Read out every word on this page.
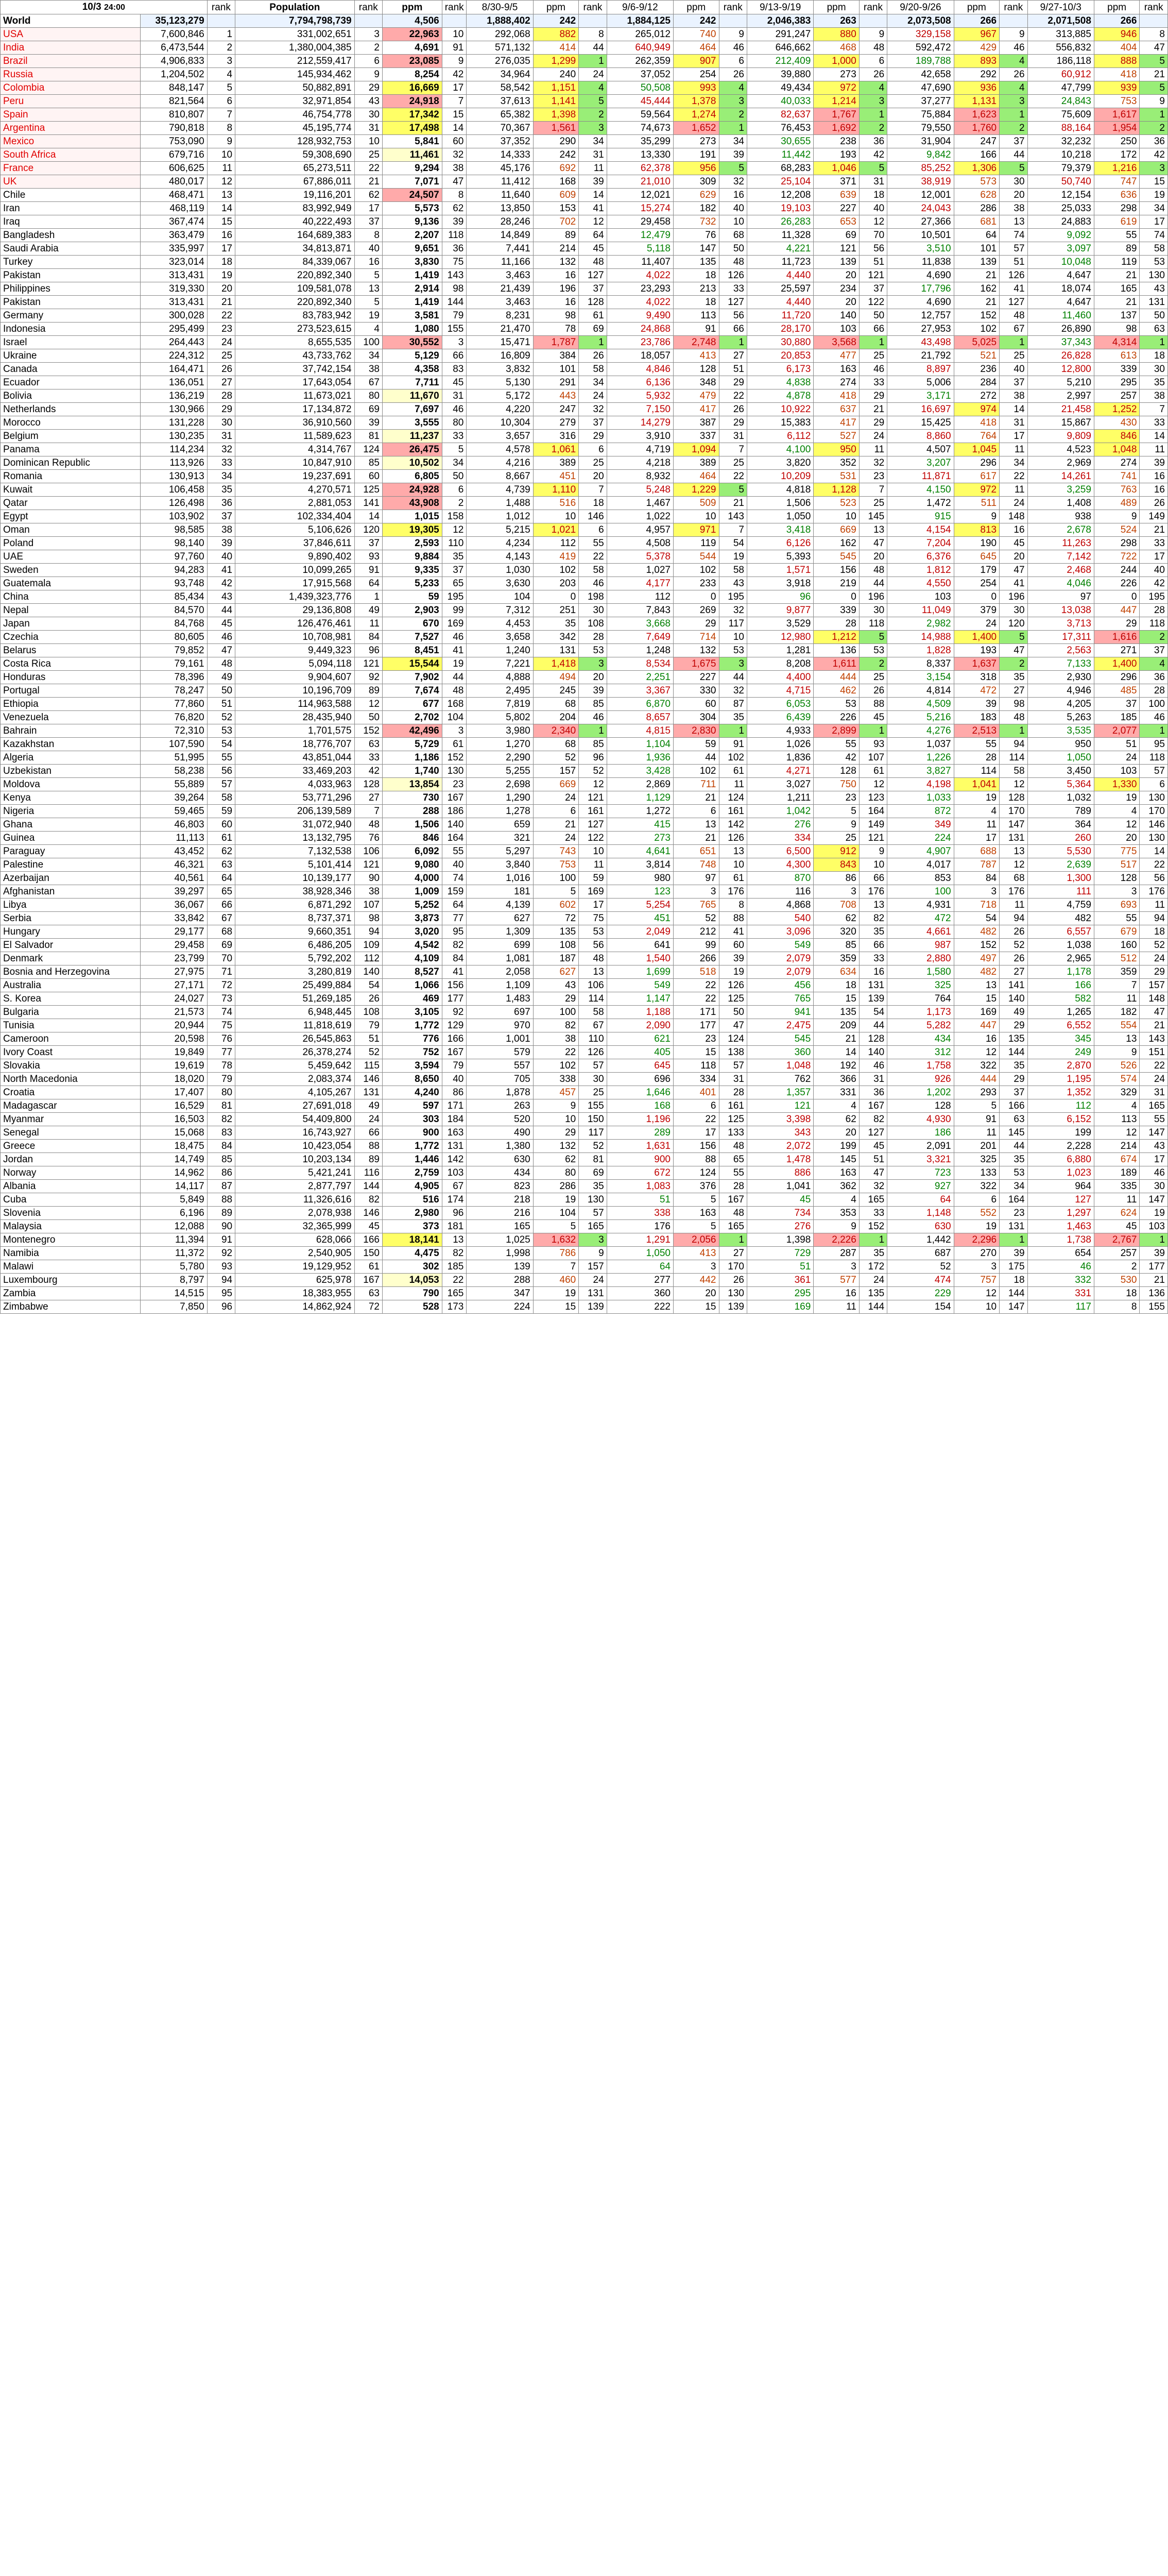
10/3 24:00		rank	Population	rank	ppm	rank	8/30-9/5	ppm	rank	9/6-9/12	ppm	rank	9/13-9/19	ppm	rank	9/20-9/26	ppm	rank	9/27-10/3	ppm	rank
World	35,123,279		7,794,798,739		4,506		1,888,402	242		1,884,125	242		2,046,383	263		2,073,508	266		2,071,508	266	
USA	7,600,846	1	331,002,651	3	22,963	10	292,068	882	8	265,012	740	9	291,247	880	9	329,158	967	9	313,885	946	8
India	6,473,544	2	1,380,004,385	2	4,691	91	571,132	414	44	640,949	464	46	646,662	468	48	592,472	429	46	556,832	404	47
Brazil	4,906,833	3	212,559,417	6	23,085	9	276,035	1,299	1	262,359	907	6	212,409	1,000	6	189,788	893	4	186,118	888	5
Russia	1,204,502	4	145,934,462	9	8,254	42	34,964	240	24	37,052	254	26	39,880	273	26	42,658	292	26	60,912	418	21
Colombia	848,147	5	50,882,891	29	16,669	17	58,542	1,151	4	50,508	993	4	49,434	972	4	47,690	936	4	47,799	939	5
Peru	821,564	6	32,971,854	43	24,918	7	37,613	1,141	5	45,444	1,378	3	40,033	1,214	3	37,277	1,131	3	24,843	753	9
Spain	810,807	7	46,754,778	30	17,342	15	65,382	1,398	2	59,564	1,274	2	82,637	1,767	1	75,884	1,623	1	75,609	1,617	1
Argentina	790,818	8	45,195,774	31	17,498	14	70,367	1,561	3	74,673	1,652	1	76,453	1,692	2	79,550	1,760	2	88,164	1,954	2
Mexico	753,090	9	128,932,753	10	5,841	60	37,352	290	34	35,299	273	34	30,655	238	36	31,904	247	37	32,232	250	36
South Africa	679,716	10	59,308,690	25	11,461	32	14,333	242	31	13,330	191	39	11,442	193	42	9,842	166	44	10,218	172	42
France	606,625	11	65,273,511	22	9,294	38	45,176	692	11	62,378	956	5	68,283	1,046	5	85,252	1,306	5	79,379	1,216	3
UK	480,017	12	67,886,011	21	7,071	47	11,412	168	39	21,010	309	32	25,104	371	31	38,919	573	30	50,740	747	15
Chile	468,471	13	19,116,201	62	24,507	8	11,640	609	14	12,021	629	16	12,208	639	18	12,001	628	20	12,154	636	19
Iran	468,119	14	83,992,949	17	5,573	62	13,850	153	41	15,274	182	40	19,103	227	40	24,043	286	38	25,033	298	34
Iraq	367,474	15	40,222,493	37	9,136	39	28,246	702	12	29,458	732	10	26,283	653	12	27,366	681	13	24,883	619	17
Bangladesh	363,479	16	164,689,383	8	2,207	118	14,849	89	64	12,479	76	68	11,328	69	70	10,501	64	74	9,092	55	74
Saudi Arabia	335,997	17	34,813,871	40	9,651	36	7,441	214	45	5,118	147	50	4,221	121	56	3,510	101	57	3,097	89	58
Turkey	323,014	18	84,339,067	16	3,830	75	11,166	132	48	11,407	135	48	11,723	139	51	11,838	139	51	10,048	119	53
Pakistan	313,431	19	220,892,340	5	1,419	143	3,463	16	127	4,022	18	126	4,440	20	121	4,690	21	126	4,647	21	130
Philippines	319,330	20	109,581,078	13	2,914	98	21,439	196	37	23,293	213	33	25,597	234	37	17,796	162	41	18,074	165	43
Pakistan	313,431	21	220,892,340	5	1,419	144	3,463	16	128	4,022	18	127	4,440	20	122	4,690	21	127	4,647	21	131
Germany	300,028	22	83,783,942	19	3,581	79	8,231	98	61	9,490	113	56	11,720	140	50	12,757	152	48	11,460	137	50
Indonesia	295,499	23	273,523,615	4	1,080	155	21,470	78	69	24,868	91	66	28,170	103	66	27,953	102	67	26,890	98	63
Israel	264,443	24	8,655,535	100	30,552	3	15,471	1,787	1	23,786	2,748	1	30,880	3,568	1	43,498	5,025	1	37,343	4,314	1
Ukraine	224,312	25	43,733,762	34	5,129	66	16,809	384	26	18,057	413	27	20,853	477	25	21,792	521	25	26,828	613	18
Canada	164,471	26	37,742,154	38	4,358	83	3,832	101	58	4,846	128	51	6,173	163	46	8,897	236	40	12,800	339	30
Ecuador	136,051	27	17,643,054	67	7,711	45	5,130	291	34	6,136	348	29	4,838	274	33	5,006	284	37	5,210	295	35
Bolivia	136,219	28	11,673,021	80	11,670	31	5,172	443	24	5,932	479	22	4,878	418	29	3,171	272	38	2,997	257	38
Netherlands	130,966	29	17,134,872	69	7,697	46	4,220	247	32	7,150	417	26	10,922	637	21	16,697	974	14	21,458	1,252	7
Morocco	131,228	30	36,910,560	39	3,555	80	10,304	279	37	14,279	387	29	15,383	417	29	15,425	418	31	15,867	430	33
Belgium	130,235	31	11,589,623	81	11,237	33	3,657	316	29	3,910	337	31	6,112	527	24	8,860	764	17	9,809	846	14
Panama	114,234	32	4,314,767	124	26,475	5	4,578	1,061	6	4,719	1,094	7	4,100	950	11	4,507	1,045	11	4,523	1,048	11
Dominican Republic	113,926	33	10,847,910	85	10,502	34	4,216	389	25	4,218	389	25	3,820	352	32	3,207	296	34	2,969	274	39
Romania	130,913	34	19,237,691	60	6,805	50	8,667	451	20	8,932	464	22	10,209	531	23	11,871	617	22	14,261	741	16
Kuwait	106,458	35	4,270,571	125	24,928	6	4,739	1,110	7	5,248	1,229	5	4,818	1,128	7	4,150	972	11	3,259	763	16
Qatar	126,498	36	2,881,053	141	43,908	2	1,488	516	18	1,467	509	21	1,506	523	25	1,472	511	24	1,408	489	26
Egypt	103,902	37	102,334,404	14	1,015	158	1,012	10	146	1,022	10	143	1,050	10	145	915	9	148	938	9	149
Oman	98,585	38	5,106,626	120	19,305	12	5,215	1,021	6	4,957	971	7	3,418	669	13	4,154	813	16	2,678	524	21
Poland	98,140	39	37,846,611	37	2,593	110	4,234	112	55	4,508	119	54	6,126	162	47	7,204	190	45	11,263	298	33
UAE	97,760	40	9,890,402	93	9,884	35	4,143	419	22	5,378	544	19	5,393	545	20	6,376	645	20	7,142	722	17
Sweden	94,283	41	10,099,265	91	9,335	37	1,030	102	58	1,027	102	58	1,571	156	48	1,812	179	47	2,468	244	40
Guatemala	93,748	42	17,915,568	64	5,233	65	3,630	203	46	4,177	233	43	3,918	219	44	4,550	254	41	4,046	226	42
China	85,434	43	1,439,323,776	1	59	195	104	0	198	112	0	195	96	0	196	103	0	196	97	0	195
Nepal	84,570	44	29,136,808	49	2,903	99	7,312	251	30	7,843	269	32	9,877	339	30	11,049	379	30	13,038	447	28
Japan	84,768	45	126,476,461	11	670	169	4,453	35	108	3,668	29	117	3,529	28	118	2,982	24	120	3,713	29	118
Czechia	80,605	46	10,708,981	84	7,527	46	3,658	342	28	7,649	714	10	12,980	1,212	5	14,988	1,400	5	17,311	1,616	2
Belarus	79,852	47	9,449,323	96	8,451	41	1,240	131	53	1,248	132	53	1,281	136	53	1,828	193	47	2,563	271	37
Costa Rica	79,161	48	5,094,118	121	15,544	19	7,221	1,418	3	8,534	1,675	3	8,208	1,611	2	8,337	1,637	2	7,133	1,400	4
Honduras	78,396	49	9,904,607	92	7,902	44	4,888	494	20	2,251	227	44	4,400	444	25	3,154	318	35	2,930	296	36
Portugal	78,247	50	10,196,709	89	7,674	48	2,495	245	39	3,367	330	32	4,715	462	26	4,814	472	27	4,946	485	28
Ethiopia	77,860	51	114,963,588	12	677	168	7,819	68	85	6,870	60	87	6,053	53	88	4,509	39	98	4,205	37	100
Venezuela	76,820	52	28,435,940	50	2,702	104	5,802	204	46	8,657	304	35	6,439	226	45	5,216	183	48	5,263	185	46
Bahrain	72,310	53	1,701,575	152	42,496	3	3,980	2,340	1	4,815	2,830	1	4,933	2,899	1	4,276	2,513	1	3,535	2,077	1
Kazakhstan	107,590	54	18,776,707	63	5,729	61	1,270	68	85	1,104	59	91	1,026	55	93	1,037	55	94	950	51	95
Algeria	51,995	55	43,851,044	33	1,186	152	2,290	52	96	1,936	44	102	1,836	42	107	1,226	28	114	1,050	24	118
Uzbekistan	58,238	56	33,469,203	42	1,740	130	5,255	157	52	3,428	102	61	4,271	128	61	3,827	114	58	3,450	103	57
Moldova	55,889	57	4,033,963	128	13,854	23	2,698	669	12	2,869	711	11	3,027	750	12	4,198	1,041	12	5,364	1,330	6
Kenya	39,264	58	53,771,296	27	730	167	1,290	24	121	1,129	21	124	1,211	23	123	1,033	19	128	1,032	19	130
Nigeria	59,465	59	206,139,589	7	288	186	1,278	6	161	1,272	6	161	1,042	5	164	872	4	170	789	4	170
Ghana	46,803	60	31,072,940	48	1,506	140	659	21	127	415	13	142	276	9	149	349	11	147	364	12	146
Guinea	11,113	61	13,132,795	76	846	164	321	24	122	273	21	126	334	25	121	224	17	131	260	20	130
Paraguay	43,452	62	7,132,538	106	6,092	55	5,297	743	10	4,641	651	13	6,500	912	9	4,907	688	13	5,530	775	14
Palestine	46,321	63	5,101,414	121	9,080	40	3,840	753	11	3,814	748	10	4,300	843	10	4,017	787	12	2,639	517	22
Azerbaijan	40,561	64	10,139,177	90	4,000	74	1,016	100	59	980	97	61	870	86	66	853	84	68	1,300	128	56
Afghanistan	39,297	65	38,928,346	38	1,009	159	181	5	169	123	3	176	116	3	176	100	3	176	111	3	176
Libya	36,067	66	6,871,292	107	5,252	64	4,139	602	17	5,254	765	8	4,868	708	13	4,931	718	11	4,759	693	11
Serbia	33,842	67	8,737,371	98	3,873	77	627	72	75	451	52	88	540	62	82	472	54	94	482	55	94
Hungary	29,177	68	9,660,351	94	3,020	95	1,309	135	53	2,049	212	41	3,096	320	35	4,661	482	26	6,557	679	18
El Salvador	29,458	69	6,486,205	109	4,542	82	699	108	56	641	99	60	549	85	66	987	152	52	1,038	160	52
Denmark	23,799	70	5,792,202	112	4,109	84	1,081	187	48	1,540	266	39	2,079	359	33	2,880	497	26	2,965	512	24
Bosnia and Herzegovina	27,975	71	3,280,819	140	8,527	41	2,058	627	13	1,699	518	19	2,079	634	16	1,580	482	27	1,178	359	29
Australia	27,171	72	25,499,884	54	1,066	156	1,109	43	106	549	22	126	456	18	131	325	13	141	166	7	157
S. Korea	24,027	73	51,269,185	26	469	177	1,483	29	114	1,147	22	125	765	15	139	764	15	140	582	11	148
Bulgaria	21,573	74	6,948,445	108	3,105	92	697	100	58	1,188	171	50	941	135	54	1,173	169	49	1,265	182	47
Tunisia	20,944	75	11,818,619	79	1,772	129	970	82	67	2,090	177	47	2,475	209	44	5,282	447	29	6,552	554	21
Cameroon	20,598	76	26,545,863	51	776	166	1,001	38	110	621	23	124	545	21	128	434	16	135	345	13	143
Ivory Coast	19,849	77	26,378,274	52	752	167	579	22	126	405	15	138	360	14	140	312	12	144	249	9	151
Slovakia	19,619	78	5,459,642	115	3,594	79	557	102	57	645	118	57	1,048	192	46	1,758	322	35	2,870	526	22
North Macedonia	18,020	79	2,083,374	146	8,650	40	705	338	30	696	334	31	762	366	31	926	444	29	1,195	574	24
Croatia	17,407	80	4,105,267	131	4,240	86	1,878	457	25	1,646	401	28	1,357	331	36	1,202	293	37	1,352	329	31
Madagascar	16,529	81	27,691,018	49	597	171	263	9	155	168	6	161	121	4	167	128	5	166	112	4	165
Myanmar	16,503	82	54,409,800	24	303	184	520	10	150	1,196	22	125	3,398	62	82	4,930	91	63	6,152	113	55
Senegal	15,068	83	16,743,927	66	900	163	490	29	117	289	17	133	343	20	127	186	11	145	199	12	147
Greece	18,475	84	10,423,054	88	1,772	131	1,380	132	52	1,631	156	48	2,072	199	45	2,091	201	44	2,228	214	43
Jordan	14,749	85	10,203,134	89	1,446	142	630	62	81	900	88	65	1,478	145	51	3,321	325	35	6,880	674	17
Norway	14,962	86	5,421,241	116	2,759	103	434	80	69	672	124	55	886	163	47	723	133	53	1,023	189	46
Albania	14,117	87	2,877,797	144	4,905	67	823	286	35	1,083	376	28	1,041	362	32	927	322	34	964	335	30
Cuba	5,849	88	11,326,616	82	516	174	218	19	130	51	5	167	45	4	165	64	6	164	127	11	147
Slovenia	6,196	89	2,078,938	146	2,980	96	216	104	57	338	163	48	734	353	33	1,148	552	23	1,297	624	19
Malaysia	12,088	90	32,365,999	45	373	181	165	5	165	176	5	165	276	9	152	630	19	131	1,463	45	103
Montenegro	11,394	91	628,066	166	18,141	13	1,025	1,632	3	1,291	2,056	1	1,398	2,226	1	1,442	2,296	1	1,738	2,767	1
Namibia	11,372	92	2,540,905	150	4,475	82	1,998	786	9	1,050	413	27	729	287	35	687	270	39	654	257	39
Malawi	5,780	93	19,129,952	61	302	185	139	7	157	64	3	170	51	3	172	52	3	175	46	2	177
Luxembourg	8,797	94	625,978	167	14,053	22	288	460	24	277	442	26	361	577	24	474	757	18	332	530	21
Zambia	14,515	95	18,383,955	63	790	165	347	19	131	360	20	130	295	16	135	229	12	144	331	18	136
Zimbabwe	7,850	96	14,862,924	72	528	173	224	15	139	222	15	139	169	11	144	154	10	147	117	8	155
